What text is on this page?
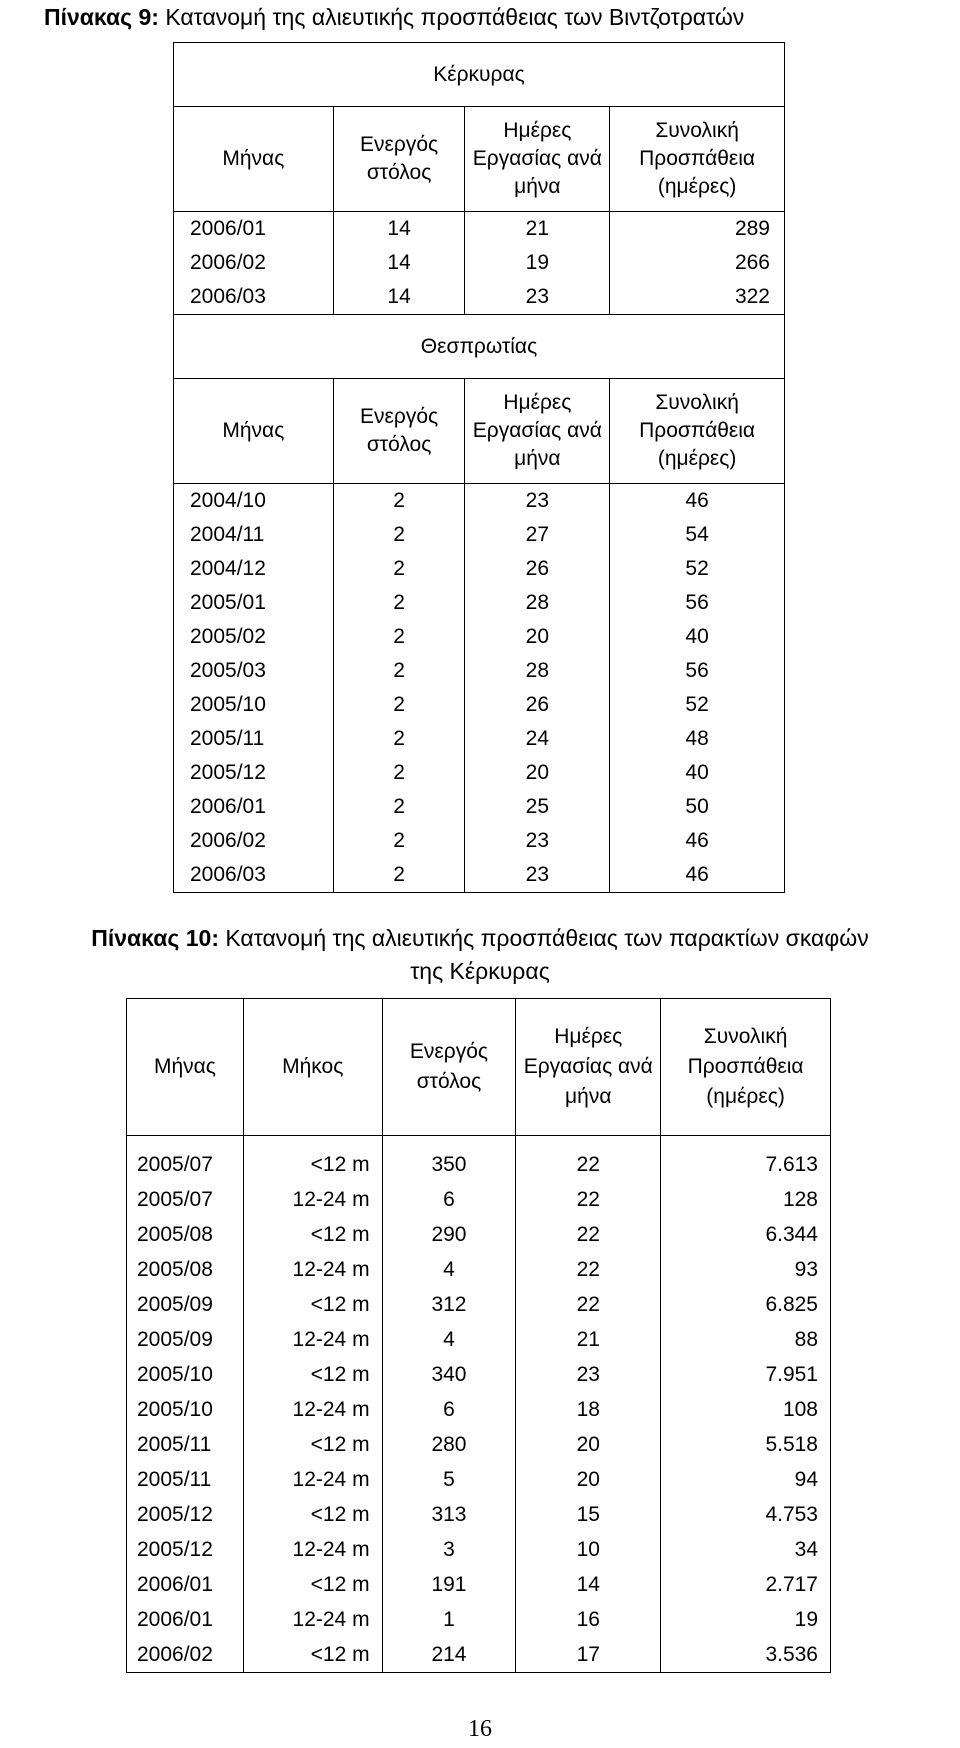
Πίνακας 9: Κατανομή της αλιευτικής προσπάθειας των Βιντζοτρατών
Κέρκυρας			
Μήνας	Ενεργός στόλος	Ημέρες Εργασίας ανά μήνα	Συνολική Προσπάθεια (ημέρες)
2006/01	14	21	289
2006/02	14	19	266
2006/03	14	23	322
Θεσπρωτίας			
Μήνας	Ενεργός στόλος	Ημέρες Εργασίας ανά μήνα	Συνολική Προσπάθεια (ημέρες)
2004/10	2	23	46
2004/11	2	27	54
2004/12	2	26	52
2005/01	2	28	56
2005/02	2	20	40
2005/03	2	28	56
2005/10	2	26	52
2005/11	2	24	48
2005/12	2	20	40
2006/01	2	25	50
2006/02	2	23	46
2006/03	2	23	46
Πίνακας 10: Κατανομή της αλιευτικής προσπάθειας των παρακτίων σκαφών
της Κέρκυρας
Μήνας	Μήκος	Ενεργός στόλος	Ημέρες Εργασίας ανά μήνα	Συνολική Προσπάθεια (ημέρες)

2005/07	<12 m	350	22	7.613
2005/07	12-24 m	6	22	128
2005/08	<12 m	290	22	6.344
2005/08	12-24 m	4	22	93
2005/09	<12 m	312	22	6.825
2005/09	12-24 m	4	21	88
2005/10	<12 m	340	23	7.951
2005/10	12-24 m	6	18	108
2005/11	<12 m	280	20	5.518
2005/11	12-24 m	5	20	94
2005/12	<12 m	313	15	4.753
2005/12	12-24 m	3	10	34
2006/01	<12 m	191	14	2.717
2006/01	12-24 m	1	16	19
2006/02	<12 m	214	17	3.536
16
